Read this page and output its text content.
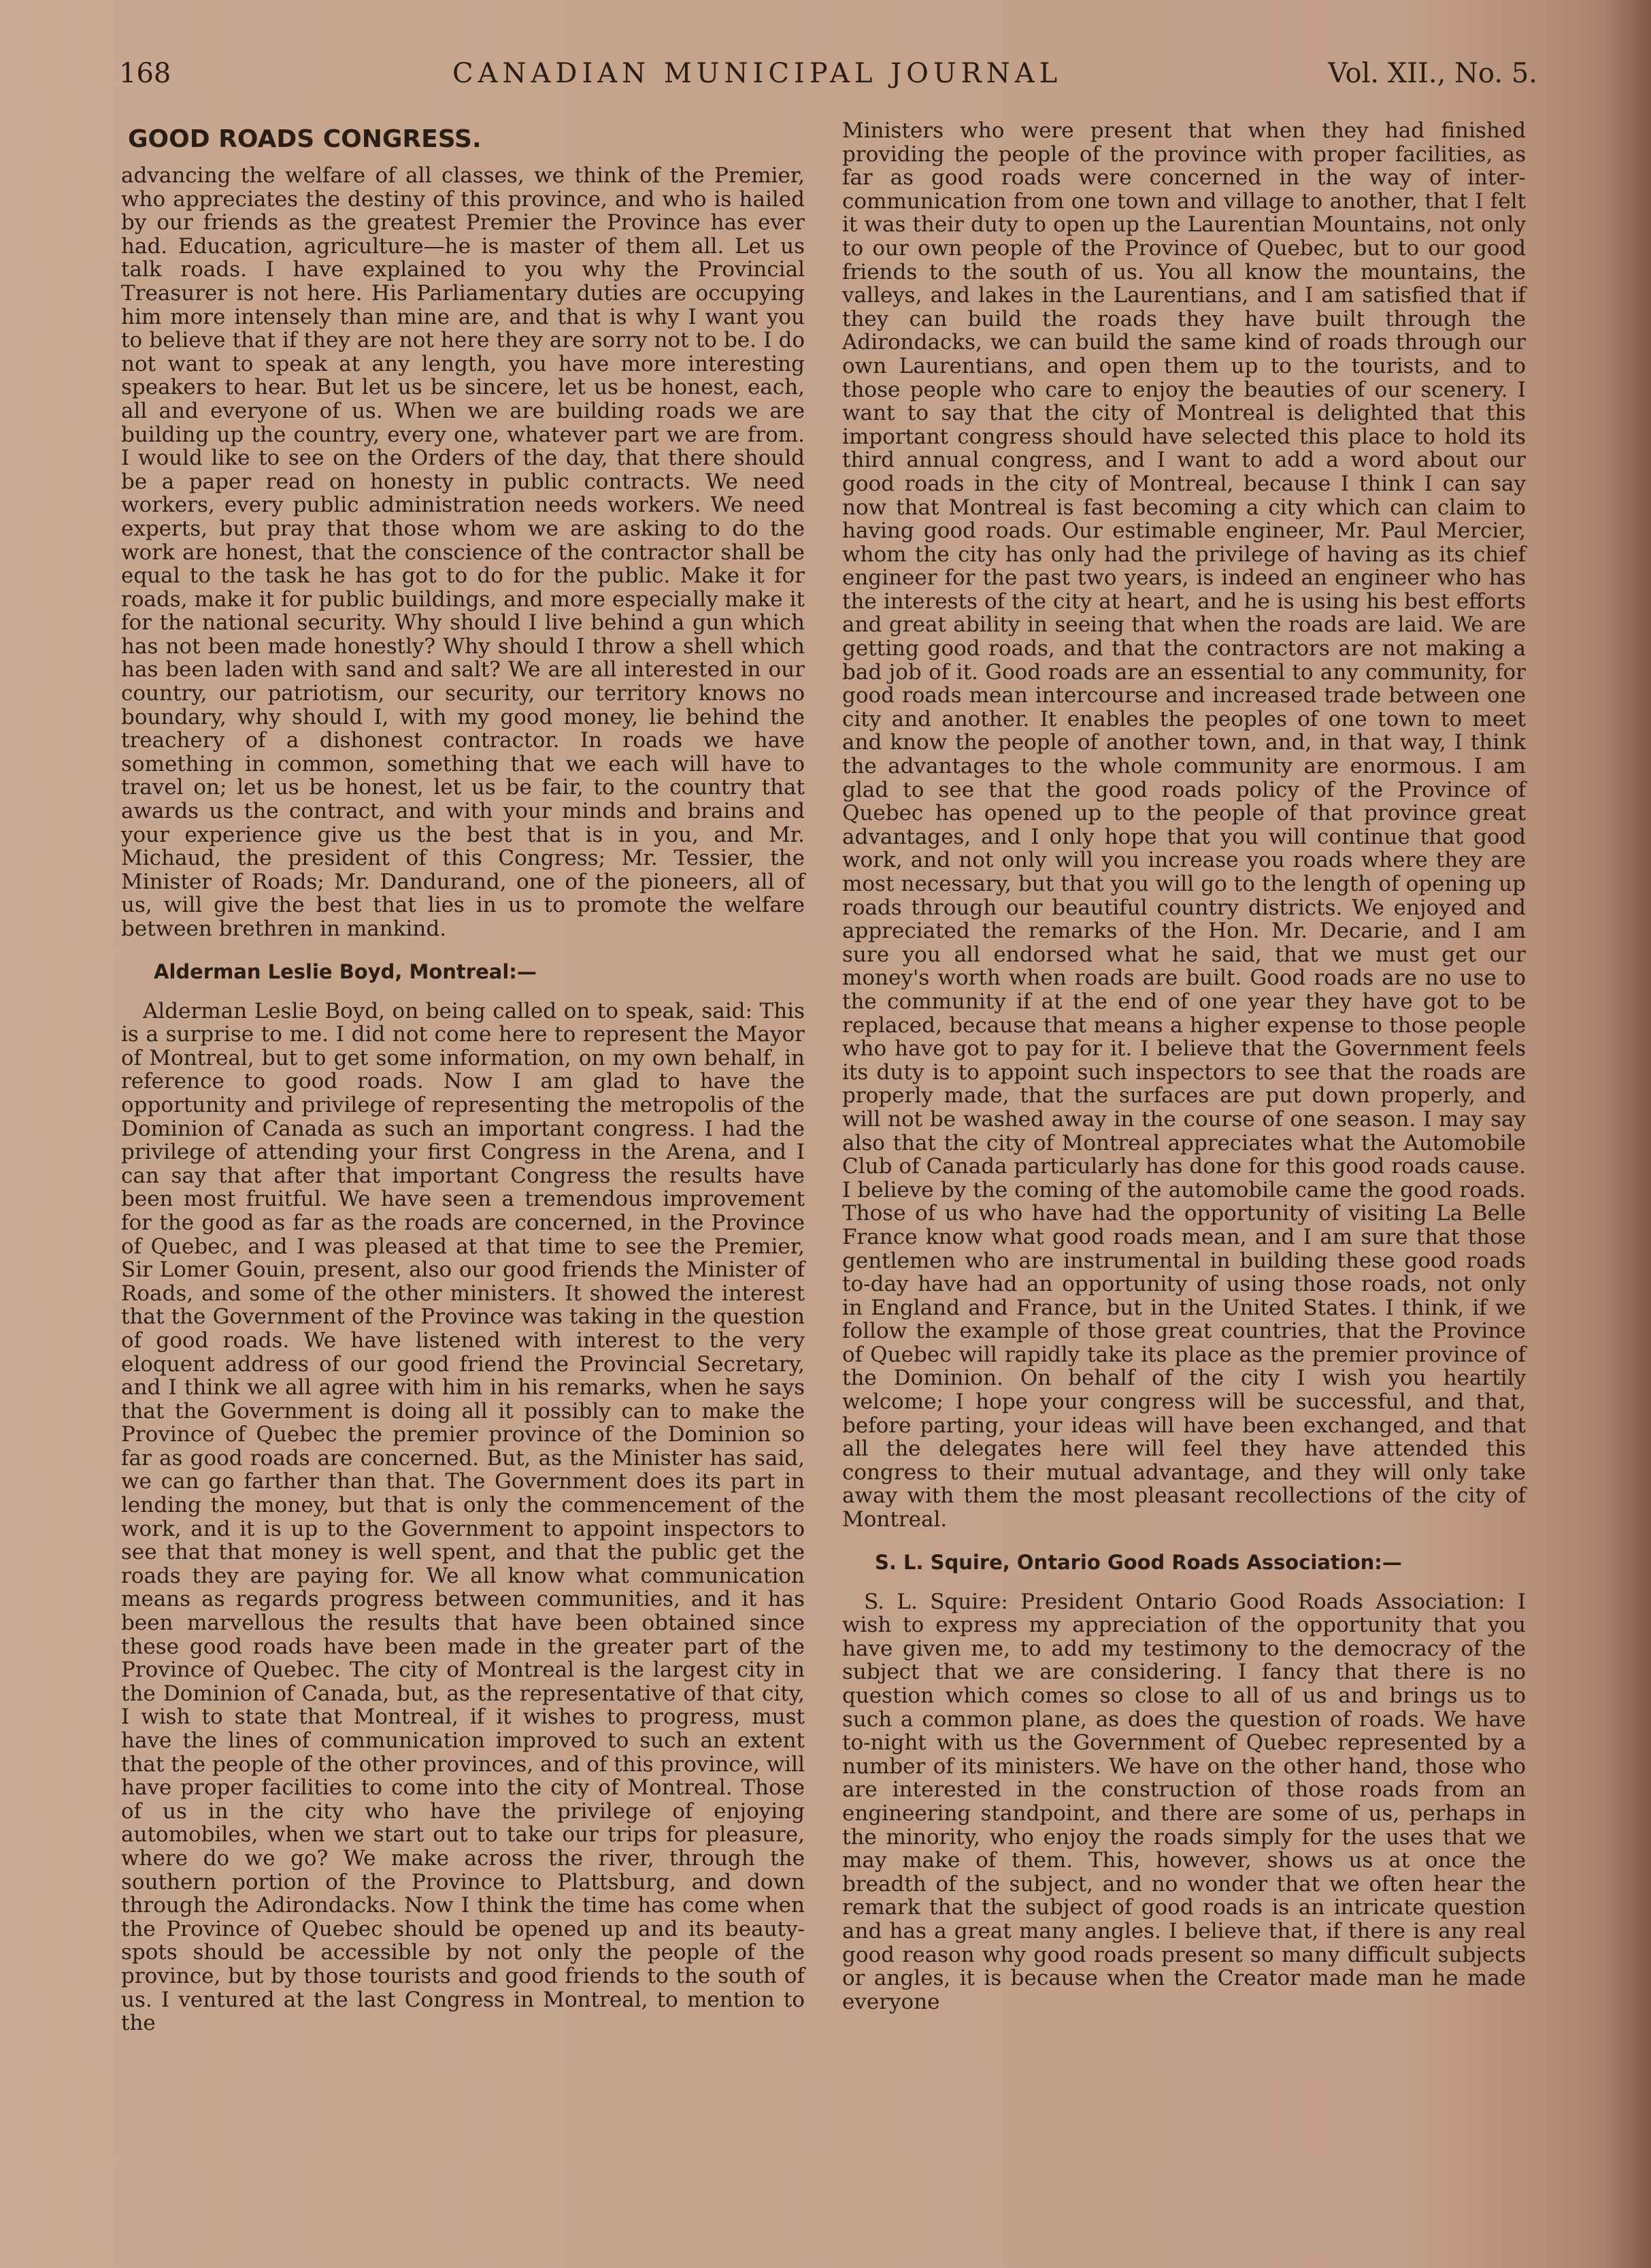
168	CANADIAN MUNICIPAL JOURNAL	Vol. XII., No. 5.
GOOD ROADS CONGRESS.

advancing the welfare of all classes, we think of the Premier, who appreciates the destiny of this province, and who is hailed by our friends as the greatest Premier the Province has ever had. Education, agriculture—he is master of them all. Let us talk roads. I have explained to you why the Provincial Treasurer is not here. His Parliamentary duties are occupying him more intensely than mine are, and that is why I want you to believe that if they are not here they are sorry not to be. I do not want to speak at any length, you have more interesting speakers to hear. But let us be sincere, let us be honest, each, all and everyone of us. When we are building roads we are building up the country, every one, whatever part we are from. I would like to see on the Orders of the day, that there should be a paper read on honesty in public contracts. We need workers, every public administration needs workers. We need experts, but pray that those whom we are asking to do the work are honest, that the conscience of the contractor shall be equal to the task he has got to do for the public. Make it for roads, make it for public buildings, and more especially make it for the national security. Why should I live behind a gun which has not been made honestly? Why should I throw a shell which has been laden with sand and salt? We are all interested in our country, our patriotism, our security, our territory knows no boundary, why should I, with my good money, lie behind the treachery of a dishonest contractor. In roads we have something in common, something that we each will have to travel on; let us be honest, let us be fair, to the country that awards us the contract, and with your minds and brains and your experience give us the best that is in you, and Mr. Michaud, the president of this Congress; Mr. Tessier, the Minister of Roads; Mr. Dandurand, one of the pioneers, all of us, will give the best that lies in us to promote the welfare between brethren in mankind.

Alderman Leslie Boyd, Montreal:—

Alderman Leslie Boyd, on being called on to speak, said: This is a surprise to me. I did not come here to represent the Mayor of Montreal, but to get some information, on my own behalf, in reference to good roads. Now I am glad to have the opportunity and privilege of representing the metropolis of the Dominion of Canada as such an important congress. I had the privilege of attending your first Congress in the Arena, and I can say that after that important Congress the results have been most fruitful. We have seen a tremendous improvement for the good as far as the roads are concerned, in the Province of Quebec, and I was pleased at that time to see the Premier, Sir Lomer Gouin, present, also our good friends the Minister of Roads, and some of the other ministers. It showed the interest that the Government of the Province was taking in the question of good roads. We have listened with interest to the very eloquent address of our good friend the Provincial Secretary, and I think we all agree with him in his remarks, when he says that the Government is doing all it possibly can to make the Province of Quebec the premier province of the Dominion so far as good roads are concerned. But, as the Minister has said, we can go farther than that. The Government does its part in lending the money, but that is only the commencement of the work, and it is up to the Government to appoint inspectors to see that that money is well spent, and that the public get the roads they are paying for. We all know what communication means as regards progress between communities, and it has been marvellous the results that have been obtained since these good roads have been made in the greater part of the Province of Quebec. The city of Montreal is the largest city in the Dominion of Canada, but, as the representative of that city, I wish to state that Montreal, if it wishes to progress, must have the lines of communication improved to such an extent that the people of the other provinces, and of this province, will have proper facilities to come into the city of Montreal. Those of us in the city who have the privilege of enjoying automobiles, when we start out to take our trips for pleasure, where do we go? We make across the river, through the southern portion of the Province to Plattsburg, and down through the Adirondacks. Now I think the time has come when the Province of Quebec should be opened up and its beauty-spots should be accessible by not only the people of the province, but by those tourists and good friends to the south of us. I ventured at the last Congress in Montreal, to mention to the

Ministers who were present that when they had finished providing the people of the province with proper facilities, as far as good roads were concerned in the way of inter-communication from one town and village to another, that I felt it was their duty to open up the Laurentian Mountains, not only to our own people of the Province of Quebec, but to our good friends to the south of us. You all know the mountains, the valleys, and lakes in the Laurentians, and I am satisfied that if they can build the roads they have built through the Adirondacks, we can build the same kind of roads through our own Laurentians, and open them up to the tourists, and to those people who care to enjoy the beauties of our scenery. I want to say that the city of Montreal is delighted that this important congress should have selected this place to hold its third annual congress, and I want to add a word about our good roads in the city of Montreal, because I think I can say now that Montreal is fast becoming a city which can claim to having good roads. Our estimable engineer, Mr. Paul Mercier, whom the city has only had the privilege of having as its chief engineer for the past two years, is indeed an engineer who has the interests of the city at heart, and he is using his best efforts and great ability in seeing that when the roads are laid. We are getting good roads, and that the contractors are not making a bad job of it. Good roads are an essential to any community, for good roads mean intercourse and increased trade between one city and another. It enables the peoples of one town to meet and know the people of another town, and, in that way, I think the advantages to the whole community are enormous. I am glad to see that the good roads policy of the Province of Quebec has opened up to the people of that province great advantages, and I only hope that you will continue that good work, and not only will you increase you roads where they are most necessary, but that you will go to the length of opening up roads through our beautiful country districts. We enjoyed and appreciated the remarks of the Hon. Mr. Decarie, and I am sure you all endorsed what he said, that we must get our money's worth when roads are built. Good roads are no use to the community if at the end of one year they have got to be replaced, because that means a higher expense to those people who have got to pay for it. I believe that the Government feels its duty is to appoint such inspectors to see that the roads are properly made, that the surfaces are put down properly, and will not be washed away in the course of one season. I may say also that the city of Montreal appreciates what the Automobile Club of Canada particularly has done for this good roads cause. I believe by the coming of the automobile came the good roads. Those of us who have had the opportunity of visiting La Belle France know what good roads mean, and I am sure that those gentlemen who are instrumental in building these good roads to-day have had an opportunity of using those roads, not only in England and France, but in the United States. I think, if we follow the example of those great countries, that the Province of Quebec will rapidly take its place as the premier province of the Dominion. On behalf of the city I wish you heartily welcome; I hope your congress will be successful, and that, before parting, your ideas will have been exchanged, and that all the delegates here will feel they have attended this congress to their mutual advantage, and they will only take away with them the most pleasant recollections of the city of Montreal.

S. L. Squire, Ontario Good Roads Association:—

S. L. Squire: President Ontario Good Roads Association: I wish to express my appreciation of the opportunity that you have given me, to add my testimony to the democracy of the subject that we are considering. I fancy that there is no question which comes so close to all of us and brings us to such a common plane, as does the question of roads. We have to-night with us the Government of Quebec represented by a number of its ministers. We have on the other hand, those who are interested in the construction of those roads from an engineering standpoint, and there are some of us, perhaps in the minority, who enjoy the roads simply for the uses that we may make of them. This, however, shows us at once the breadth of the subject, and no wonder that we often hear the remark that the subject of good roads is an intricate question and has a great many angles. I believe that, if there is any real good reason why good roads present so many difficult subjects or angles, it is because when the Creator made man he made everyone
